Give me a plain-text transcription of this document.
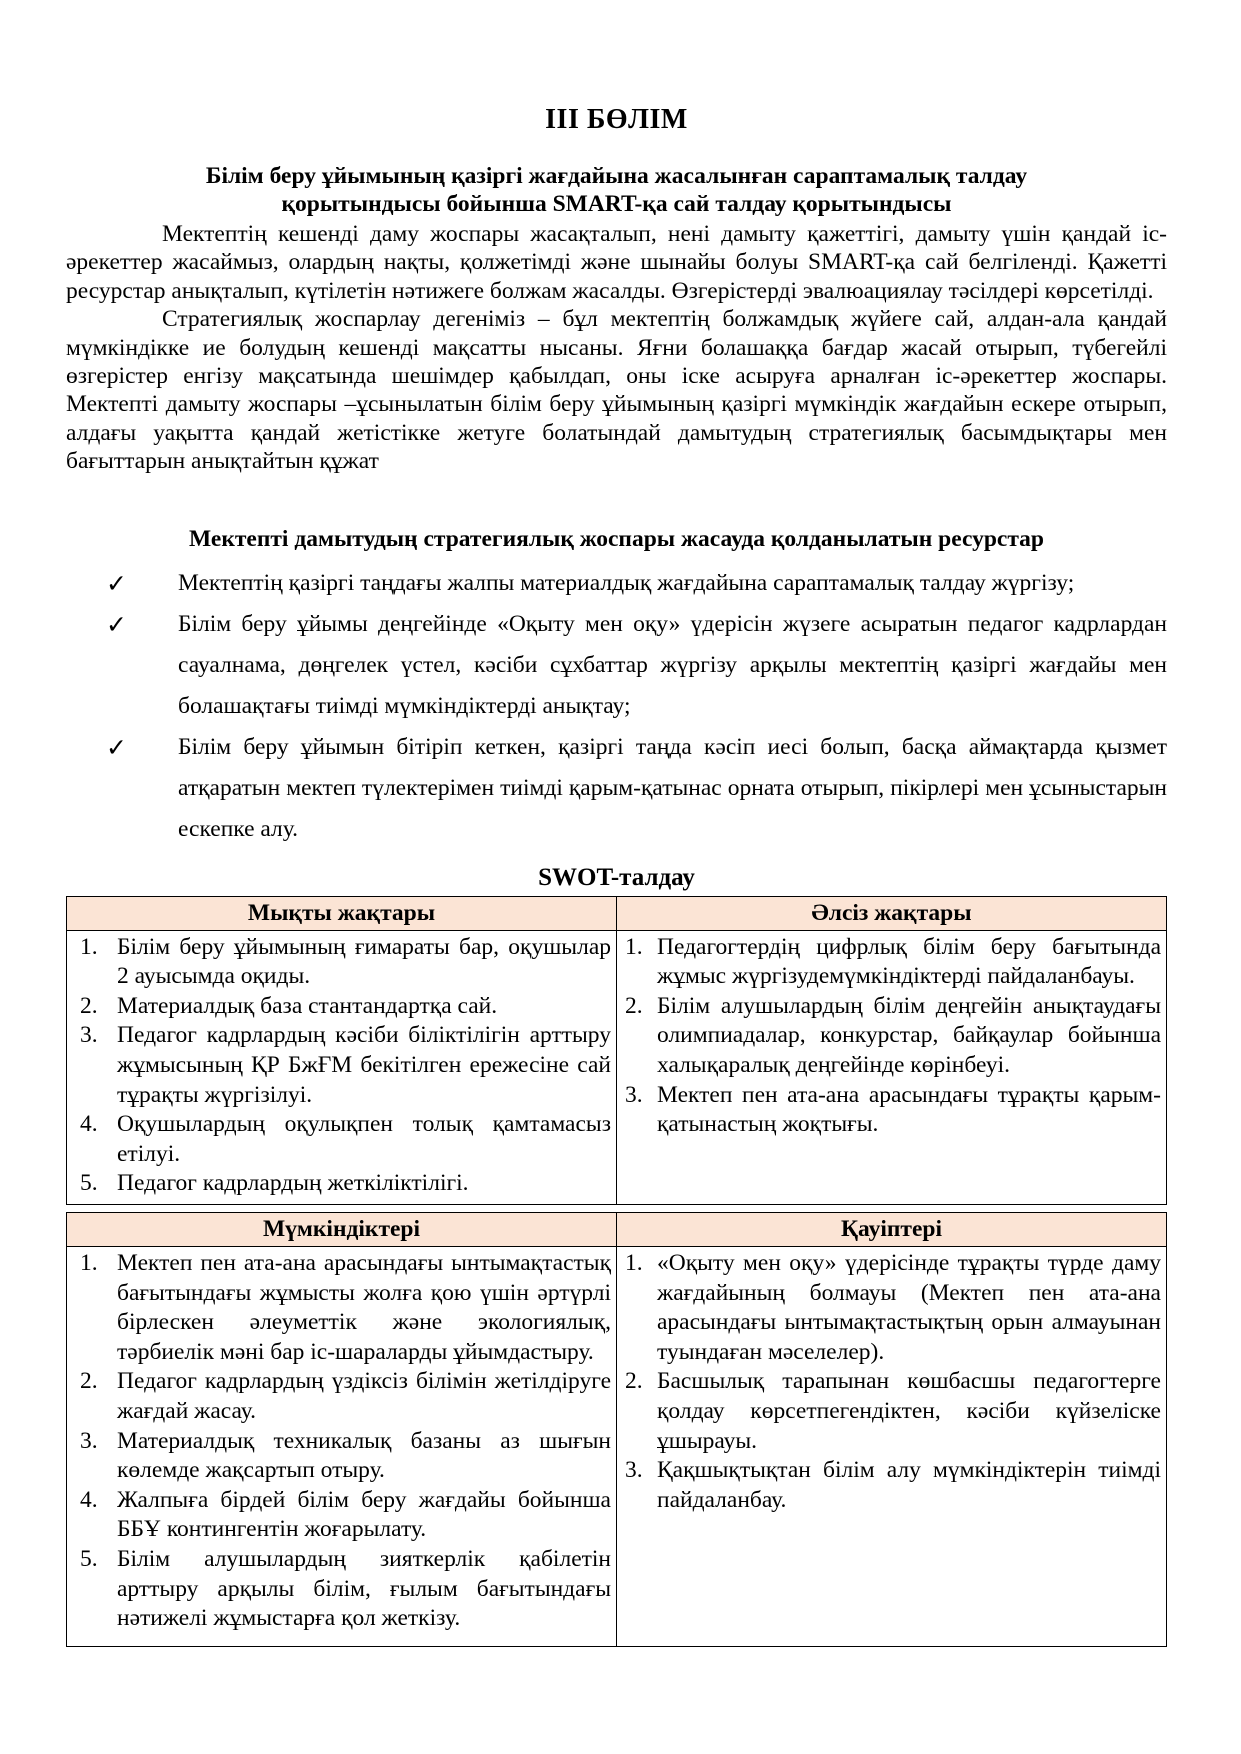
ІІІ БӨЛІМ
Білім беру ұйымының қазіргі жағдайына жасалынған сараптамалық талдау қорытындысы бойынша SMART-қа сай талдау қорытындысы

Мектептің кешенді даму жоспары жасақталып, нені дамыту қажеттігі, дамыту үшін қандай іс-әрекеттер жасаймыз, олардың нақты, қолжетімді және шынайы болуы SMART-қа сай белгіленді. Қажетті ресурстар анықталып, күтілетін нәтижеге болжам жасалды. Өзгерістерді эвалюациялау тәсілдері көрсетілді.

Стратегиялық жоспарлау дегеніміз – бұл мектептің болжамдық жүйеге сай, алдан-ала қандай мүмкіндікке ие болудың кешенді мақсатты нысаны. Яғни болашаққа бағдар жасай отырып, түбегейлі өзгерістер енгізу мақсатында шешімдер қабылдап, оны іске асыруға арналған іс-әрекеттер жоспары. Мектепті дамыту жоспары –ұсынылатын білім беру ұйымының қазіргі мүмкіндік жағдайын ескере отырып, алдағы уақытта қандай жетістікке жетуге болатындай дамытудың стратегиялық басымдықтары мен бағыттарын анықтайтын құжат

Мектепті дамытудың стратегиялық жоспары жасауда қолданылатын ресурстар
✓ Мектептің қазіргі таңдағы жалпы материалдық жағдайына сараптамалық талдау жүргізу;
✓ Білім беру ұйымы деңгейінде «Оқыту мен оқу» үдерісін жүзеге асыратын педагог кадрлардан сауалнама, дөңгелек үстел, кәсіби сұхбаттар жүргізу арқылы мектептің қазіргі жағдайы мен болашақтағы тиімді мүмкіндіктерді анықтау;
✓ Білім беру ұйымын бітіріп кеткен, қазіргі таңда кәсіп иесі болып, басқа аймақтарда қызмет атқаратын мектеп түлектерімен тиімді қарым-қатынас орната отырып, пікірлері мен ұсыныстарын ескепке алу.
SWOT-талдау
Мықты жақтары	Әлсіз жақтары

Білім беру ұйымының ғимараты бар, оқушылар 2 ауысымда оқиды.
Материалдық база стантандартқа сай.
Педагог кадрлардың кәсіби біліктілігін арттыру жұмысының ҚР БжҒМ бекітілген ережесіне сай тұрақты жүргізілуі.
Оқушылардың оқулықпен толық қамтамасыз етілуі.
Педагог кадрлардың жеткіліктілігі.

Педагогтердің цифрлық білім беру бағытында жұмыс жүргізудемүмкіндіктерді пайдаланбауы.
Білім алушылардың білім деңгейін анықтаудағы олимпиадалар, конкурстар, байқаулар бойынша халықаралық деңгейінде көрінбеуі.
Мектеп пен ата-ана арасындағы тұрақты қарым-қатынастың жоқтығы.
Мүмкіндіктері	Қауіптері

Мектеп пен ата-ана арасындағы ынтымақтастық бағытындағы жұмысты жолға қою үшін әртүрлі бірлескен әлеуметтік және экологиялық, тәрбиелік мәні бар іс-шараларды ұйымдастыру.
Педагог кадрлардың үздіксіз білімін жетілдіруге жағдай жасау.
Материалдық техникалық базаны аз шығын көлемде жақсартып отыру.
Жалпыға бірдей білім беру жағдайы бойынша ББҰ контингентін жоғарылату.
Білім алушылардың зияткерлік қабілетін арттыру арқылы білім, ғылым бағытындағы нәтижелі жұмыстарға қол жеткізу.

«Оқыту мен оқу» үдерісінде тұрақты түрде даму жағдайының болмауы (Мектеп пен ата-ана арасындағы ынтымақтастықтың орын алмауынан туындаған мәселелер).
Басшылық тарапынан көшбасшы педагогтерге қолдау көрсетпегендіктен, кәсіби күйзеліске ұшырауы.
Қақшықтықтан білім алу мүмкіндіктерін тиімді пайдаланбау.
